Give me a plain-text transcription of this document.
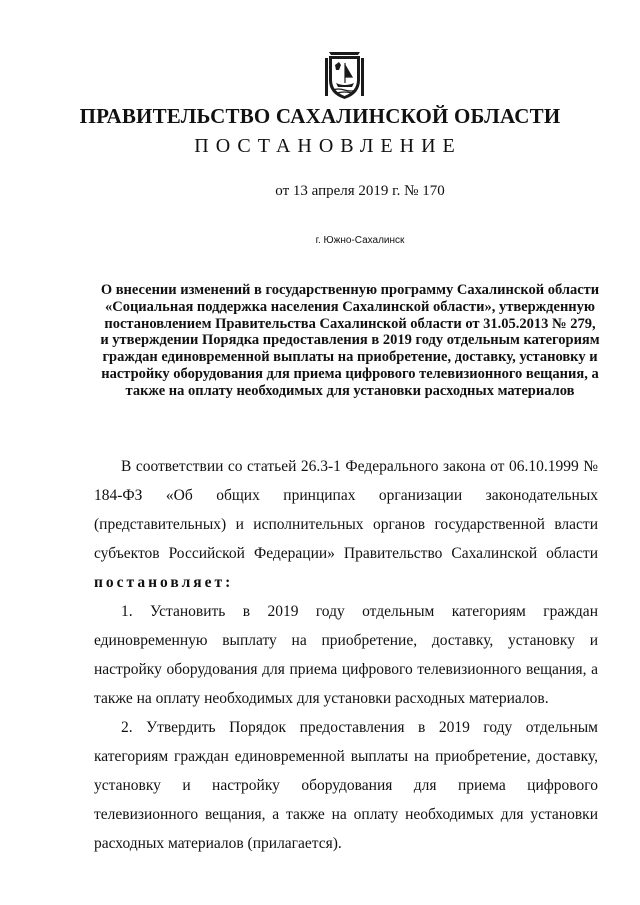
ПРАВИТЕЛЬСТВО САХАЛИНСКОЙ ОБЛАСТИ
ПОСТАНОВЛЕНИЕ
от 13 апреля 2019 г. № 170
г. Южно-Сахалинск
О внесении изменений в государственную программу Сахалинской области «Социальная поддержка населения Сахалинской области», утвержденную постановлением Правительства Сахалинской области от 31.05.2013 № 279, и утверждении Порядка предоставления в 2019 году отдельным категориям граждан единовременной выплаты на приобретение, доставку, установку и настройку оборудования для приема цифрового телевизионного вещания, а также на оплату необходимых для установки расходных материалов

В соответствии со статьей 26.3-1 Федерального закона от 06.10.1999 № 184-ФЗ «Об общих принципах организации законодательных (представительных) и исполнительных органов государственной власти субъектов Российской Федерации» Правительство Сахалинской области постановляет:

1. Установить в 2019 году отдельным категориям граждан единовременную выплату на приобретение, доставку, установку и настройку оборудования для приема цифрового телевизионного вещания, а также на оплату необходимых для установки расходных материалов.

2. Утвердить Порядок предоставления в 2019 году отдельным категориям граждан единовременной выплаты на приобретение, доставку, установку и настройку оборудования для приема цифрового телевизионного вещания, а также на оплату необходимых для установки расходных материалов (прилагается).
